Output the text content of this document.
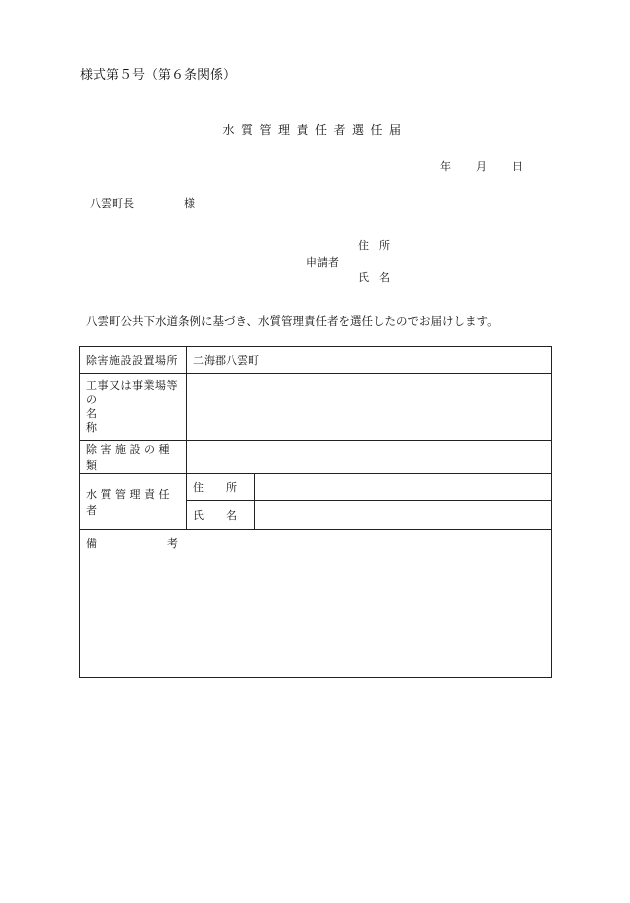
様式第５号（第６条関係）
水質管理責任者選任届
年 月 日
八雲町長	様
住所
申請者
氏名
八雲町公共下水道条例に基づき、水質管理責任者を選任したのでお届けします。
除害施設設置場所	二海郡八雲町	

工事又は事業場等
の名称		

除害施設の種類		
水質管理責任者	住所	
	氏名	
備考		
